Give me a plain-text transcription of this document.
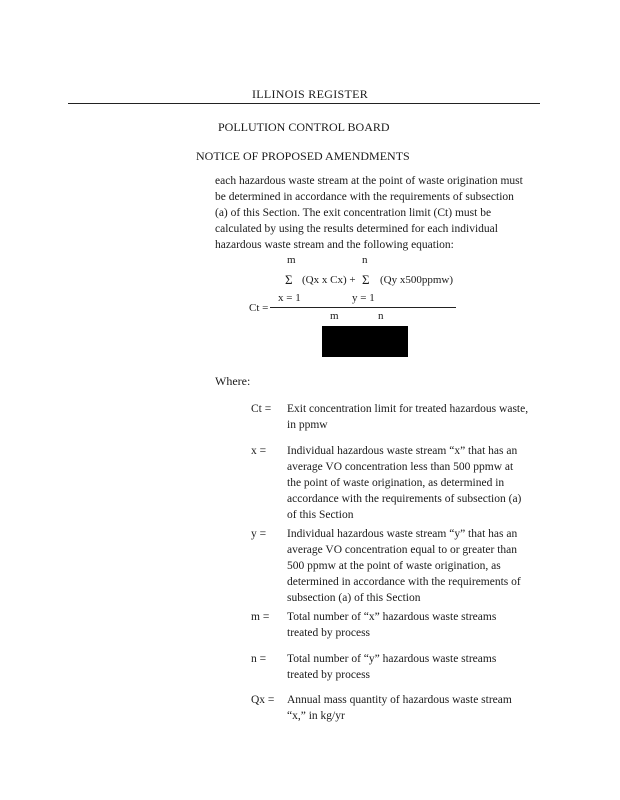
ILLINOIS REGISTER
POLLUTION CONTROL BOARD
NOTICE OF PROPOSED AMENDMENTS
each hazardous waste stream at the point of waste origination must
be determined in accordance with the requirements of subsection
(a) of this Section. The exit concentration limit (Ct) must be
calculated by using the results determined for each individual
hazardous waste stream and the following equation:
m	n
Σ (Qx x Cx) + Σ (Qy x500ppmw)
x = 1	y = 1
Ct =
m	n
Where:
Ct =	Exit concentration limit for treated hazardous waste,
in ppmw
x =	Individual hazardous waste stream “x” that has an
average VO concentration less than 500 ppmw at
the point of waste origination, as determined in
accordance with the requirements of subsection (a)
of this Section
y =	Individual hazardous waste stream “y” that has an
average VO concentration equal to or greater than
500 ppmw at the point of waste origination, as
determined in accordance with the requirements of
subsection (a) of this Section
m =	Total number of “x” hazardous waste streams
treated by process
n =	Total number of “y” hazardous waste streams
treated by process
Qx =	Annual mass quantity of hazardous waste stream
“x,” in kg/yr
